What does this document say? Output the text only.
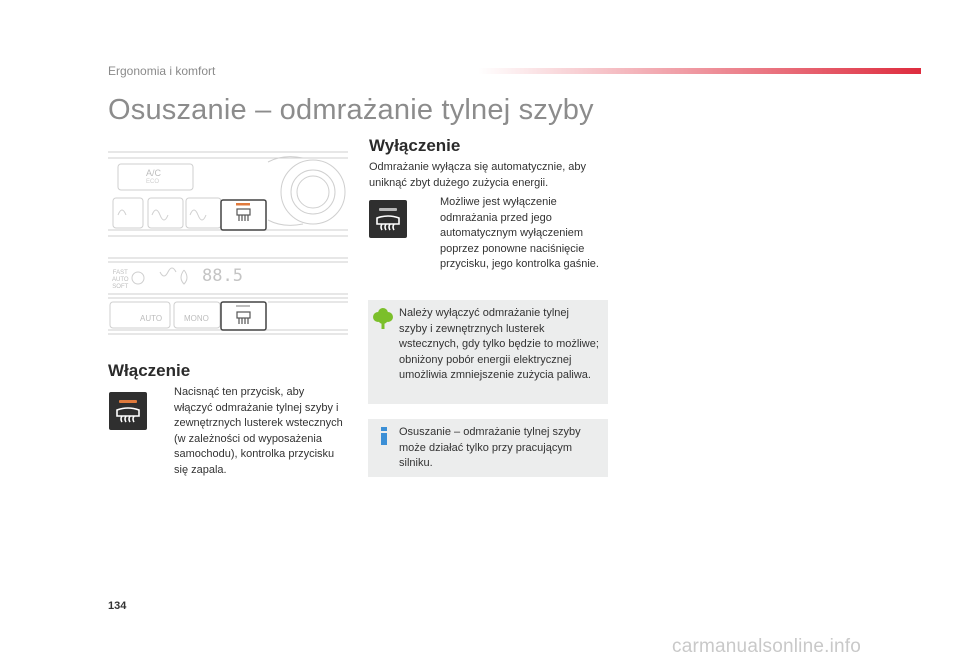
Ergonomia i komfort
Osuszanie – odmrażanie tylnej szyby
A/C
ECO
FAST
AUTO
SOFT
88.5
AUTO	MONO
Włączenie
Nacisnąć ten przycisk, aby włączyć odmrażanie tylnej szyby i zewnętrznych lusterek wstecznych (w zależności od wyposażenia samochodu), kontrolka przycisku się zapala.
Wyłączenie
Odmrażanie wyłącza się automatycznie, aby uniknąć zbyt dużego zużycia energii.
Możliwe jest wyłączenie odmrażania przed jego automatycznym wyłączeniem poprzez ponowne naciśnięcie przycisku, jego kontrolka gaśnie.
Należy wyłączyć odmrażanie tylnej szyby i zewnętrznych lusterek wstecznych, gdy tylko będzie to możliwe; obniżony pobór energii elektrycznej umożliwia zmniejszenie zużycia paliwa.
Osuszanie – odmrażanie tylnej szyby może działać tylko przy pracującym silniku.
134
carmanualsonline.info
